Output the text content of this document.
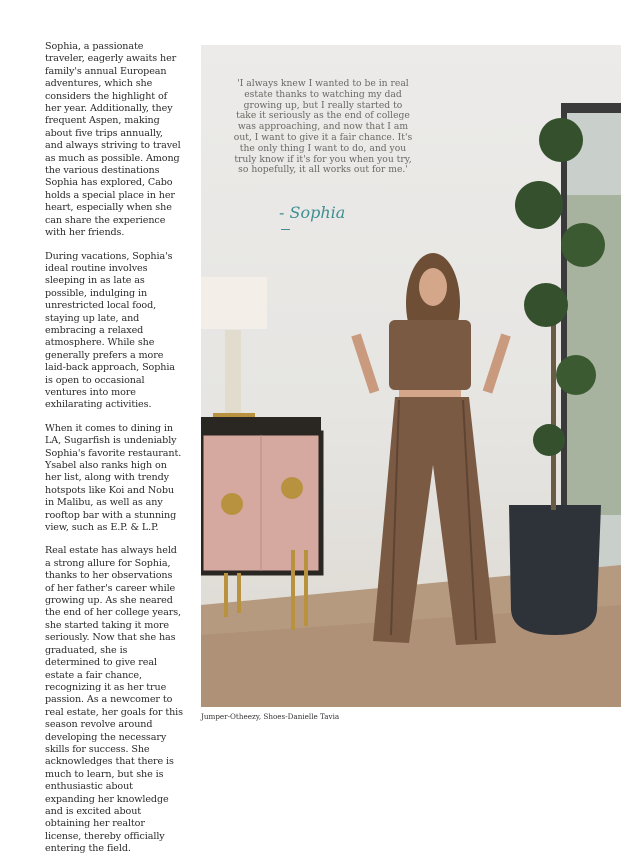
Sophia, a passionate traveler, eagerly awaits her family's annual European adventures, which she considers the highlight of her year. Additionally, they frequent Aspen, making about five trips annually, and always striving to travel as much as possible. Among the various destinations Sophia has explored, Cabo holds a special place in her heart, especially when she can share the experience with her friends.

During vacations, Sophia's ideal routine involves sleeping in as late as possible, indulging in unrestricted local food, staying up late, and embracing a relaxed atmosphere. While she generally prefers a more laid-back approach, Sophia is open to occasional ventures into more exhilarating activities.

When it comes to dining in LA, Sugarfish is undeniably Sophia's favorite restaurant. Ysabel also ranks high on her list, along with trendy hotspots like Koi and Nobu in Malibu, as well as any rooftop bar with a stunning view, such as E.P. & L.P.

Real estate has always held a strong allure for Sophia, thanks to her observations of her father's career while growing up. As she neared the end of her college years, she started taking it more seriously. Now that she has graduated, she is determined to give real estate a fair chance, recognizing it as her true passion. As a newcomer to real estate, her goals for this season revolve around developing the necessary skills for success. She acknowledges that there is much to learn, but she is enthusiastic about expanding her knowledge and is excited about obtaining her realtor license, thereby officially entering the field.

'I always knew I wanted to be in real estate thanks to watching my dad growing up, but I really started to take it seriously as the end of college was approaching, and now that I am out, I want to give it a fair chance. It's the only thing I want to do, and you truly know if it's for you when you try, so hopefully, it all works out for me.'
- Sophia
Jumper-Otheezy, Shoes-Danielle Tavia
